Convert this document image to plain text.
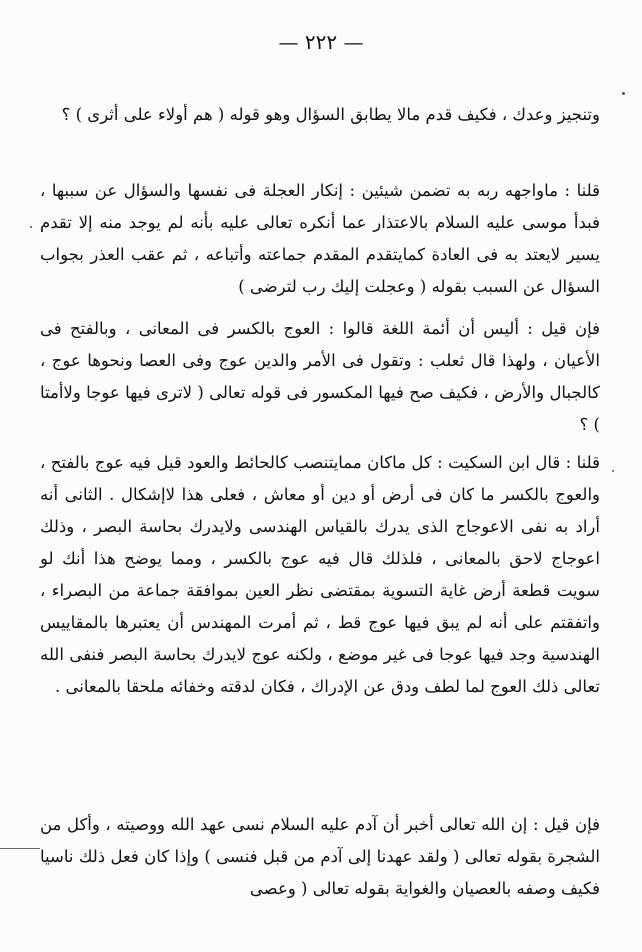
— ٢٢٢ —

وتنجيز وعدك ، فكيف قدم مالا يطابق السؤال وهو قوله ( هم أولاء على أثرى ) ؟

قلنا : ماواجهه ربه به تضمن شيئين : إنكار العجلة فى نفسها والسؤال عن سببها ، فبدأ موسى عليه السلام بالاعتذار عما أنكره تعالى عليه بأنه لم يوجد منه إلا تقدم يسير لايعتد به فى العادة كمايتقدم المقدم جماعته وأتباعه ، ثم عقب العذر بجواب السؤال عن السبب بقوله ( وعجلت إليك رب لترضى )

فإن قيل : أليس أن أئمة اللغة قالوا : العوج بالكسر فى المعانى ، وبالفتح فى الأعيان ، ولهذا قال ثعلب : وتقول فى الأمر والدين عوج وفى العصا ونحوها عوج ، كالجبال والأرض ، فكيف صح فيها المكسور فى قوله تعالى ( لاترى فيها عوجا ولاأمتا ) ؟

قلنا : قال ابن السكيت : كل ماكان ممايتنصب كالحائط والعود قيل فيه عوج بالفتح ، والعوج بالكسر ما كان فى أرض أو دين أو معاش ، فعلى هذا لاإشكال . الثانى أنه أراد به نفى الاعوجاج الذى يدرك بالقياس الهندسى ولايدرك بحاسة البصر ، وذلك اعوجاج لاحق بالمعانى ، فلذلك قال فيه عوج بالكسر ، ومما يوضح هذا أنك لو سويت قطعة أرض غاية التسوية بمقتضى نظر العين بموافقة جماعة من البصراء ، واتفقتم على أنه لم يبق فيها عوج قط ، ثم أمرت المهندس أن يعتبرها بالمقاييس الهندسية وجد فيها عوجا فى غير موضع ، ولكنه عوج لايدرك بحاسة البصر فنفى الله تعالى ذلك العوج لما لطف ودق عن الإدراك ، فكان لدقته وخفائه ملحقا بالمعانى .

فإن قيل : إن الله تعالى أخبر أن آدم عليه السلام نسى عهد الله ووصيته ، وأكل من الشجرة بقوله تعالى ( ولقد عهدنا إلى آدم من قبل فنسى ) وإذا كان فعل ذلك ناسيا فكيف وصفه بالعصيان والغواية بقوله تعالى ( وعصى
